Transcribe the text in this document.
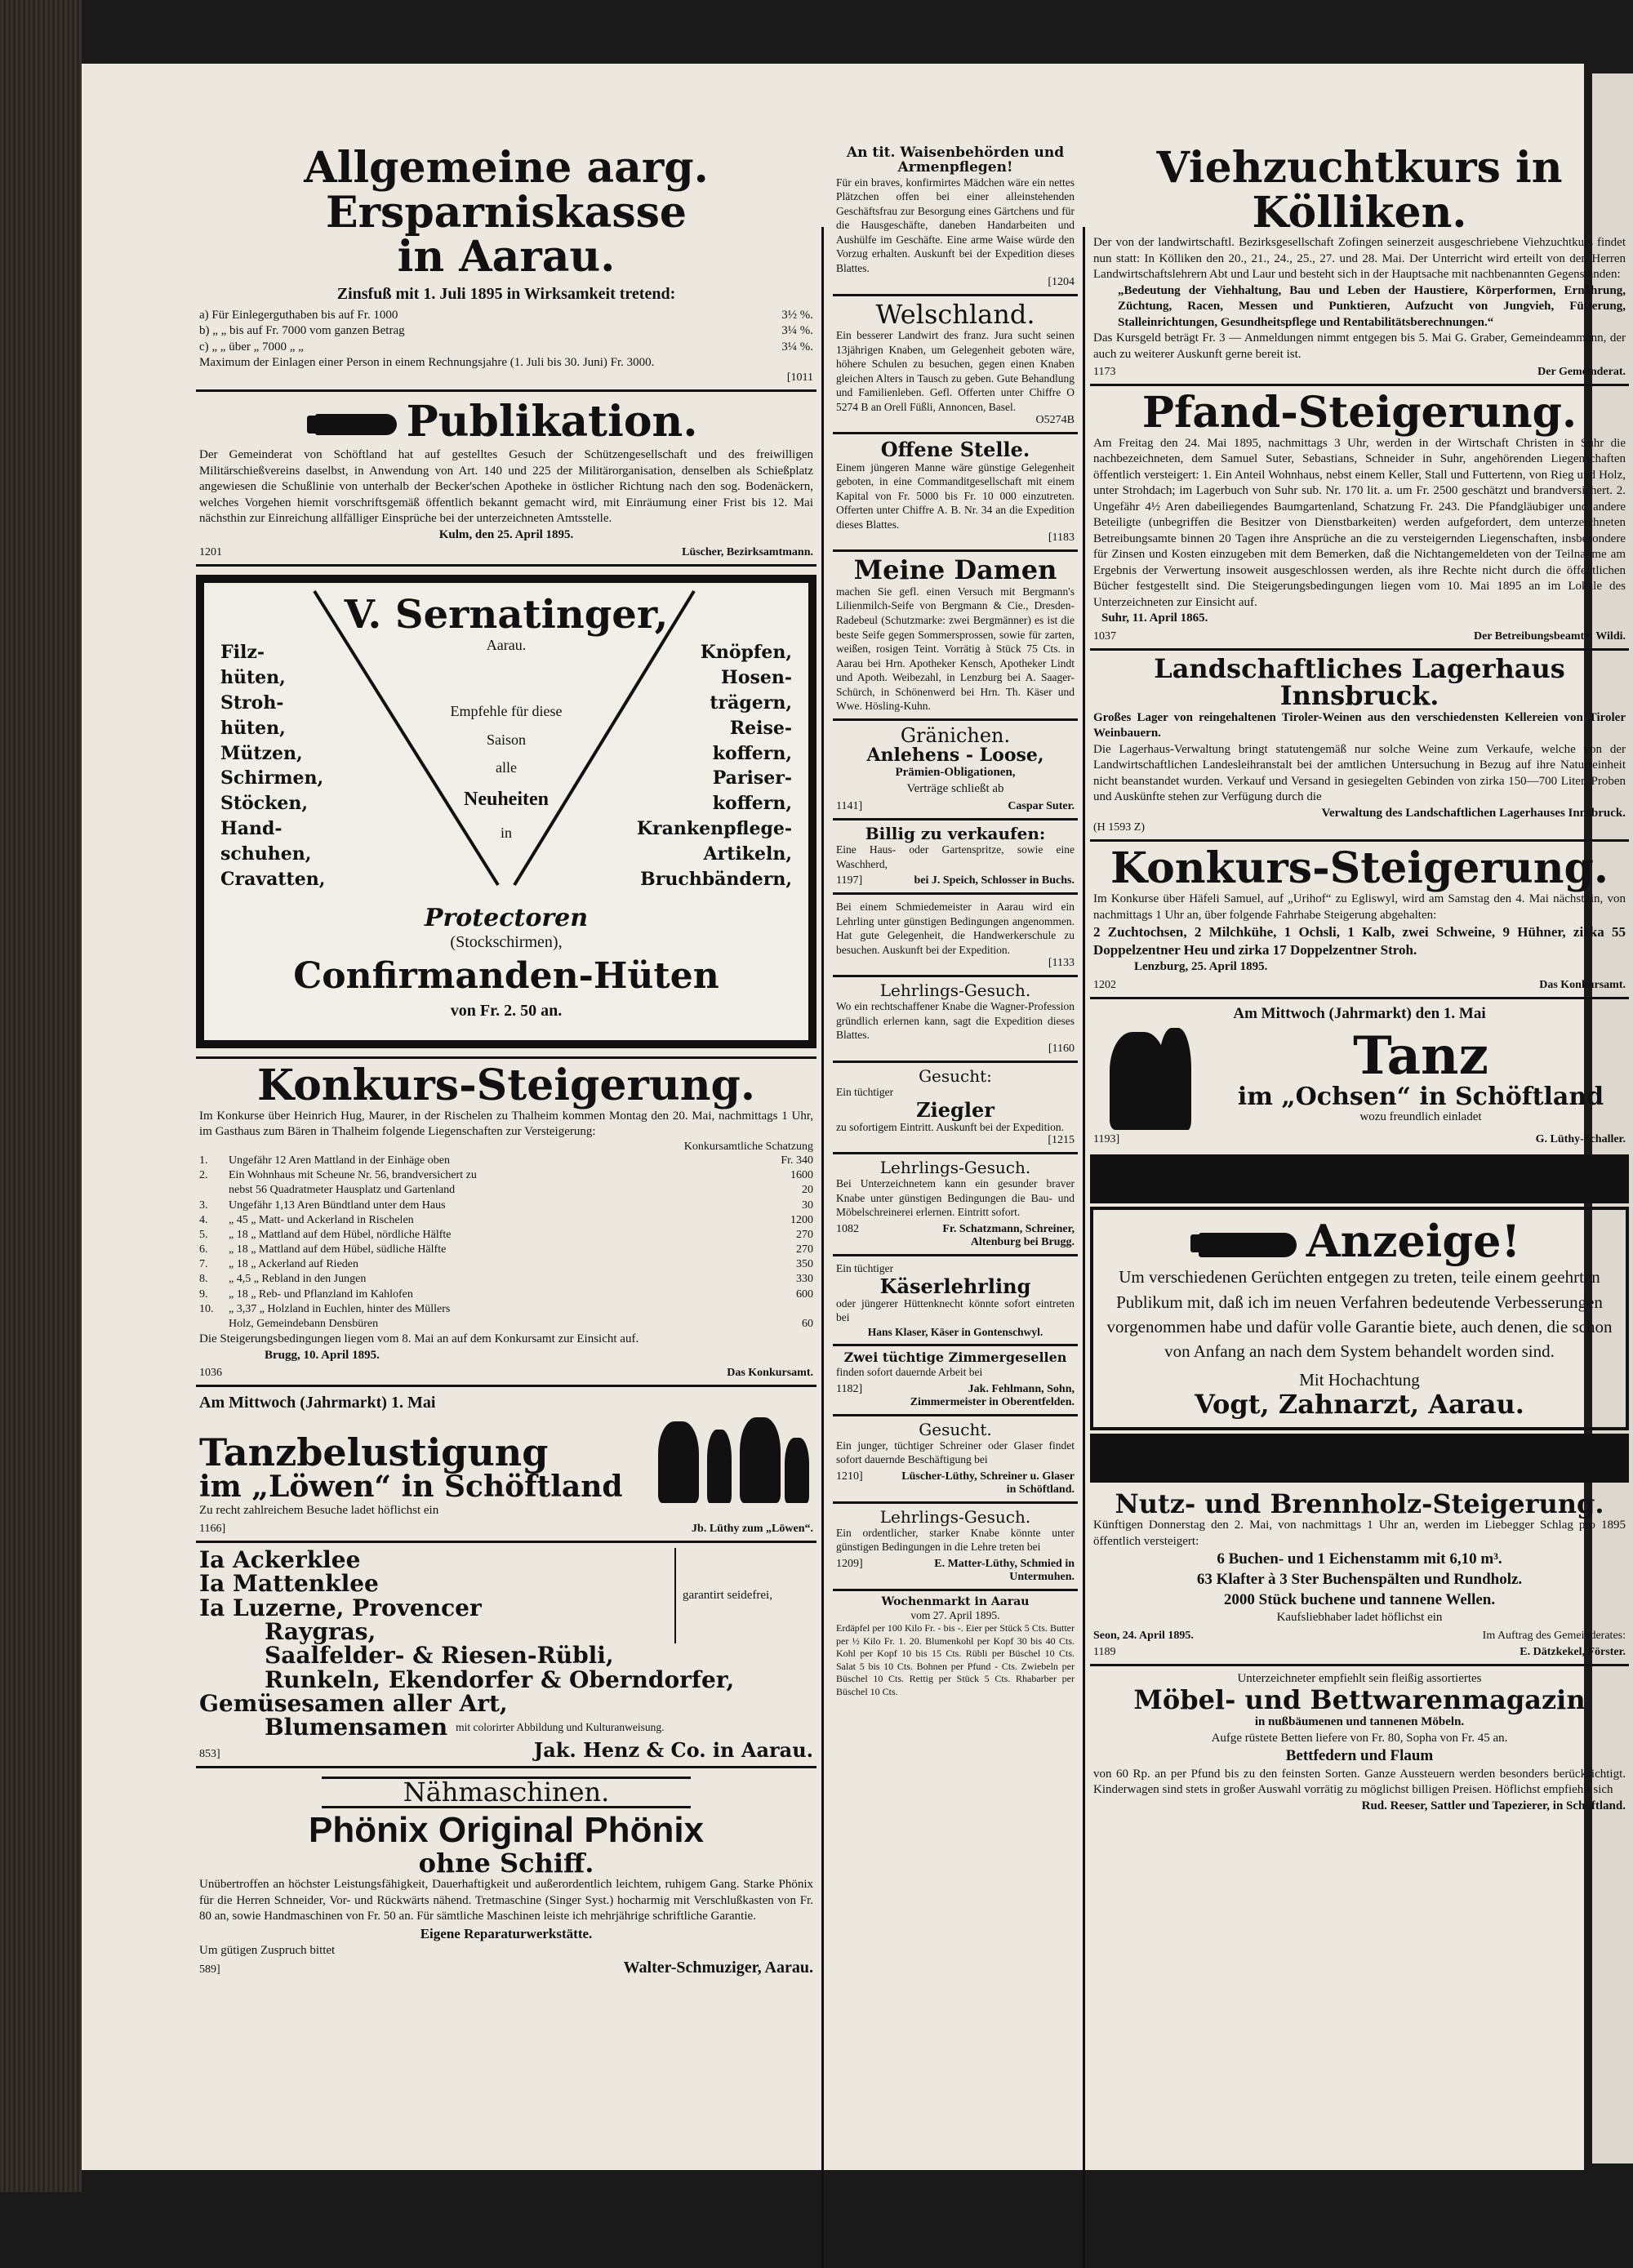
Allgemeine aarg. Ersparniskasse
in Aarau.
Zinsfuß mit 1. Juli 1895 in Wirksamkeit tretend:
a) Für Einlegerguthaben bis auf Fr. 1000	3½ %.
b) „ „ bis auf Fr. 7000 vom ganzen Betrag	3¼ %.
c) „ „ über „ 7000 „ „	3¼ %.
Maximum der Einlagen einer Person in einem Rechnungsjahre (1. Juli bis 30. Juni) Fr. 3000.
[1011
Publikation.
Der Gemeinderat von Schöftland hat auf gestelltes Gesuch der Schützengesellschaft und des freiwilligen Militärschießvereins daselbst, in Anwendung von Art. 140 und 225 der Militärorganisation, denselben als Schießplatz angewiesen die Schußlinie von unterhalb der Becker'schen Apotheke in östlicher Richtung nach den sog. Bodenäckern, welches Vorgehen hiemit vorschriftsgemäß öffentlich bekannt gemacht wird, mit Einräumung einer Frist bis 12. Mai nächsthin zur Einreichung allfälliger Einsprüche bei der unterzeichneten Amtsstelle.
Kulm, den 25. April 1895.
1201	Lüscher, Bezirksamtmann.
V. Sernatinger,
Aarau.
Filz-
hüten,
Stroh-
hüten,
Mützen,
Schirmen,
Stöcken,
Hand-
schuhen,
Cravatten,
Knöpfen,
Hosen-
trägern,
Reise-
koffern,
Pariser-
koffern,
Krankenpflege-
Artikeln,
Bruchbändern,
Empfehle für diese
Saison
alle
Neuheiten
in
Protectoren
(Stockschirmen),
Confirmanden-Hüten
von Fr. 2. 50 an.
Konkurs-Steigerung.
Im Konkurse über Heinrich Hug, Maurer, in der Rischelen zu Thalheim kommen Montag den 20. Mai, nachmittags 1 Uhr, im Gasthaus zum Bären in Thalheim folgende Liegenschaften zur Versteigerung:
Konkursamtliche Schatzung
1.	Ungefähr 12 Aren Mattland in der Einhäge oben	Fr. 340
2.	Ein Wohnhaus mit Scheune Nr. 56, brandversichert zu	1600
nebst 56 Quadratmeter Hausplatz und Gartenland	20
3.	Ungefähr 1,13 Aren Bündtland unter dem Haus	30
4.	„ 45 „ Matt- und Ackerland in Rischelen	1200
5.	„ 18 „ Mattland auf dem Hübel, nördliche Hälfte	270
6.	„ 18 „ Mattland auf dem Hübel, südliche Hälfte	270
7.	„ 18 „ Ackerland auf Rieden	350
8.	„ 4,5 „ Rebland in den Jungen	330
9.	„ 18 „ Reb- und Pflanzland im Kahlofen	600
10.	„ 3,37 „ Holzland in Euchlen, hinter des Müllers
Holz, Gemeindebann Densbüren	60
Die Steigerungsbedingungen liegen vom 8. Mai an auf dem Konkursamt zur Einsicht auf.
Brugg, 10. April 1895.
1036	Das Konkursamt.
Am Mittwoch (Jahrmarkt) 1. Mai
Tanzbelustigung
im „Löwen“ in Schöftland
Zu recht zahlreichem Besuche ladet höflichst ein
1166]	Jb. Lüthy zum „Löwen“.
Ia Ackerklee
Ia Mattenklee
Ia Luzerne, Provencer
Raygras,
garantirt seidefrei,
Saalfelder- & Riesen-Rübli,
Runkeln, Ekendorfer & Oberndorfer,
Gemüsesamen aller Art,
Blumensamen mit colorirter Abbildung und Kulturanweisung.
853]	Jak. Henz & Co. in Aarau.
Nähmaschinen.
Phönix Original Phönix
ohne Schiff.
Unübertroffen an höchster Leistungsfähigkeit, Dauerhaftigkeit und außerordentlich leichtem, ruhigem Gang. Starke Phönix für die Herren Schneider, Vor- und Rückwärts nähend. Tretmaschine (Singer Syst.) hocharmig mit Verschlußkasten von Fr. 80 an, sowie Handmaschinen von Fr. 50 an. Für sämtliche Maschinen leiste ich mehrjährige schriftliche Garantie.
Eigene Reparaturwerkstätte.
Um gütigen Zuspruch bittet
589]	Walter-Schmuziger, Aarau.
An tit. Waisenbehörden und Armenpflegen!
Für ein braves, konfirmirtes Mädchen wäre ein nettes Plätzchen offen bei einer alleinstehenden Geschäftsfrau zur Besorgung eines Gärtchens und für die Hausgeschäfte, daneben Handarbeiten und Aushülfe im Geschäfte. Eine arme Waise würde den Vorzug erhalten. Auskunft bei der Expedition dieses Blattes.
[1204
Welschland.
Ein besserer Landwirt des franz. Jura sucht seinen 13jährigen Knaben, um Gelegenheit geboten wäre, höhere Schulen zu besuchen, gegen einen Knaben gleichen Alters in Tausch zu geben. Gute Behandlung und Familienleben. Gefl. Offerten unter Chiffre O 5274 B an Orell Füßli, Annoncen, Basel.
O5274B
Offene Stelle.
Einem jüngeren Manne wäre günstige Gelegenheit geboten, in eine Commanditgesellschaft mit einem Kapital von Fr. 5000 bis Fr. 10 000 einzutreten. Offerten unter Chiffre A. B. Nr. 34 an die Expedition dieses Blattes.
[1183
Meine Damen
machen Sie gefl. einen Versuch mit Bergmann's Lilienmilch-Seife von Bergmann & Cie., Dresden-Radebeul (Schutzmarke: zwei Bergmänner) es ist die beste Seife gegen Sommersprossen, sowie für zarten, weißen, rosigen Teint. Vorrätig à Stück 75 Cts. in Aarau bei Hrn. Apotheker Kensch, Apotheker Lindt und Apoth. Weibezahl, in Lenzburg bei A. Saager-Schürch, in Schönenwerd bei Hrn. Th. Käser und Wwe. Hösling-Kuhn.
Gränichen.
Anlehens - Loose,
Prämien-Obligationen,
Verträge schließt ab
1141]	Caspar Suter.
Billig zu verkaufen:
Eine Haus- oder Gartenspritze, sowie eine Waschherd,
1197]	bei J. Speich, Schlosser in Buchs.
Bei einem Schmiedemeister in Aarau wird ein Lehrling unter günstigen Bedingungen angenommen. Hat gute Gelegenheit, die Handwerkerschule zu besuchen. Auskunft bei der Expedition.
[1133
Lehrlings-Gesuch.
Wo ein rechtschaffener Knabe die Wagner-Profession gründlich erlernen kann, sagt die Expedition dieses Blattes.
[1160
Gesucht:
Ein tüchtiger
Ziegler
zu sofortigem Eintritt. Auskunft bei der Expedition.
[1215
Lehrlings-Gesuch.
Bei Unterzeichnetem kann ein gesunder braver Knabe unter günstigen Bedingungen die Bau- und Möbelschreinerei erlernen. Eintritt sofort.
1082	Fr. Schatzmann, Schreiner, Altenburg bei Brugg.
Ein tüchtiger
Käserlehrling
oder jüngerer Hüttenknecht könnte sofort eintreten bei
Hans Klaser, Käser in Gontenschwyl.
Zwei tüchtige Zimmergesellen
finden sofort dauernde Arbeit bei
1182]	Jak. Fehlmann, Sohn, Zimmermeister in Oberentfelden.
Gesucht.
Ein junger, tüchtiger Schreiner oder Glaser findet sofort dauernde Beschäftigung bei
1210]	Lüscher-Lüthy, Schreiner u. Glaser in Schöftland.
Lehrlings-Gesuch.
Ein ordentlicher, starker Knabe könnte unter günstigen Bedingungen in die Lehre treten bei
1209]	E. Matter-Lüthy, Schmied in Untermuhen.
Wochenmarkt in Aarau
vom 27. April 1895.
Erdäpfel per 100 Kilo Fr. - bis -. Eier per Stück 5 Cts. Butter per ½ Kilo Fr. 1. 20. Blumenkohl per Kopf 30 bis 40 Cts. Kohl per Kopf 10 bis 15 Cts. Rübli per Büschel 10 Cts. Salat 5 bis 10 Cts. Bohnen per Pfund - Cts. Zwiebeln per Büschel 10 Cts. Rettig per Stück 5 Cts. Rhabarber per Büschel 10 Cts.
Viehzuchtkurs in Kölliken.
Der von der landwirtschaftl. Bezirksgesellschaft Zofingen seinerzeit ausgeschriebene Viehzuchtkurs findet nun statt: In Kölliken den 20., 21., 24., 25., 27. und 28. Mai. Der Unterricht wird erteilt von den Herren Landwirtschaftslehrern Abt und Laur und besteht sich in der Hauptsache mit nachbenannten Gegenständen:
„Bedeutung der Viehhaltung, Bau und Leben der Haustiere, Körperformen, Ernährung, Züchtung, Racen, Messen und Punktieren, Aufzucht von Jungvieh, Fütterung, Stalleinrichtungen, Gesundheitspflege und Rentabilitätsberechnungen.“
Das Kursgeld beträgt Fr. 3 — Anmeldungen nimmt entgegen bis 5. Mai G. Graber, Gemeindeammann, der auch zu weiterer Auskunft gerne bereit ist.
1173	Der Gemeinderat.
Pfand-Steigerung.
Am Freitag den 24. Mai 1895, nachmittags 3 Uhr, werden in der Wirtschaft Christen in Suhr die nachbezeichneten, dem Samuel Suter, Sebastians, Schneider in Suhr, angehörenden Liegenschaften öffentlich versteigert: 1. Ein Anteil Wohnhaus, nebst einem Keller, Stall und Futtertenn, von Rieg und Holz, unter Strohdach; im Lagerbuch von Suhr sub. Nr. 170 lit. a. um Fr. 2500 geschätzt und brandversichert. 2. Ungefähr 4½ Aren dabeiliegendes Baumgartenland, Schatzung Fr. 243. Die Pfandgläubiger und andere Beteiligte (unbegriffen die Besitzer von Dienstbarkeiten) werden aufgefordert, dem unterzeichneten Betreibungsamte binnen 20 Tagen ihre Ansprüche an die zu versteigernden Liegenschaften, insbesondere für Zinsen und Kosten einzugeben mit dem Bemerken, daß die Nichtangemeldeten von der Teilnahme am Ergebnis der Verwertung insoweit ausgeschlossen werden, als ihre Rechte nicht durch die öffentlichen Bücher festgestellt sind. Die Steigerungsbedingungen liegen vom 10. Mai 1895 an im Lokale des Unterzeichneten zur Einsicht auf.
Suhr, 11. April 1865.
1037	Der Betreibungsbeamte: Wildi.
Landschaftliches Lagerhaus Innsbruck.
Großes Lager von reingehaltenen Tiroler-Weinen aus den verschiedensten Kellereien von Tiroler Weinbauern.
Die Lagerhaus-Verwaltung bringt statutengemäß nur solche Weine zum Verkaufe, welche von der Landwirtschaftlichen Landesleihranstalt bei der amtlichen Untersuchung in Bezug auf ihre Naturreinheit nicht beanstandet wurden. Verkauf und Versand in gesiegelten Gebinden von zirka 150—700 Liter. Proben und Auskünfte stehen zur Verfügung durch die
Verwaltung des Landschaftlichen Lagerhauses Innsbruck.
(H 1593 Z)
Konkurs-Steigerung.
Im Konkurse über Häfeli Samuel, auf „Urihof“ zu Egliswyl, wird am Samstag den 4. Mai nächsthin, von nachmittags 1 Uhr an, über folgende Fahrhabe Steigerung abgehalten:
2 Zuchtochsen, 2 Milchkühe, 1 Ochsli, 1 Kalb, zwei Schweine, 9 Hühner, zirka 55 Doppelzentner Heu und zirka 17 Doppelzentner Stroh.
Lenzburg, 25. April 1895.
1202	Das Konkursamt.
Am Mittwoch (Jahrmarkt) den 1. Mai
Tanz
im „Ochsen“ in Schöftland
wozu freundlich einladet
1193]	G. Lüthy-Schaller.
Anzeige!
Um verschiedenen Gerüchten entgegen zu treten, teile einem geehrten Publikum mit, daß ich im neuen Verfahren bedeutende Verbesserungen vorgenommen habe und dafür volle Garantie biete, auch denen, die schon von Anfang an nach dem System behandelt worden sind.
Mit Hochachtung
Vogt, Zahnarzt, Aarau.
Nutz- und Brennholz-Steigerung.
Künftigen Donnerstag den 2. Mai, von nachmittags 1 Uhr an, werden im Liebegger Schlag pro 1895 öffentlich versteigert:
6 Buchen- und 1 Eichenstamm mit 6,10 m³.
63 Klafter à 3 Ster Buchenspälten und Rundholz.
2000 Stück buchene und tannene Wellen.
Kaufsliebhaber ladet höflichst ein
Seon, 24. April 1895.	Im Auftrag des Gemeinderates:
1189	E. Dätzkekel, Förster.
Unterzeichneter empfiehlt sein fleißig assortiertes
Möbel- und Bettwarenmagazin
in nußbäumenen und tannenen Möbeln.
Aufge rüstete Betten liefere von Fr. 80, Sopha von Fr. 45 an.
Bettfedern und Flaum
von 60 Rp. an per Pfund bis zu den feinsten Sorten. Ganze Aussteuern werden besonders berücksichtigt. Kinderwagen sind stets in großer Auswahl vorrätig zu möglichst billigen Preisen. Höflichst empfiehlt sich
Rud. Reeser, Sattler und Tapezierer, in Schöftland.
